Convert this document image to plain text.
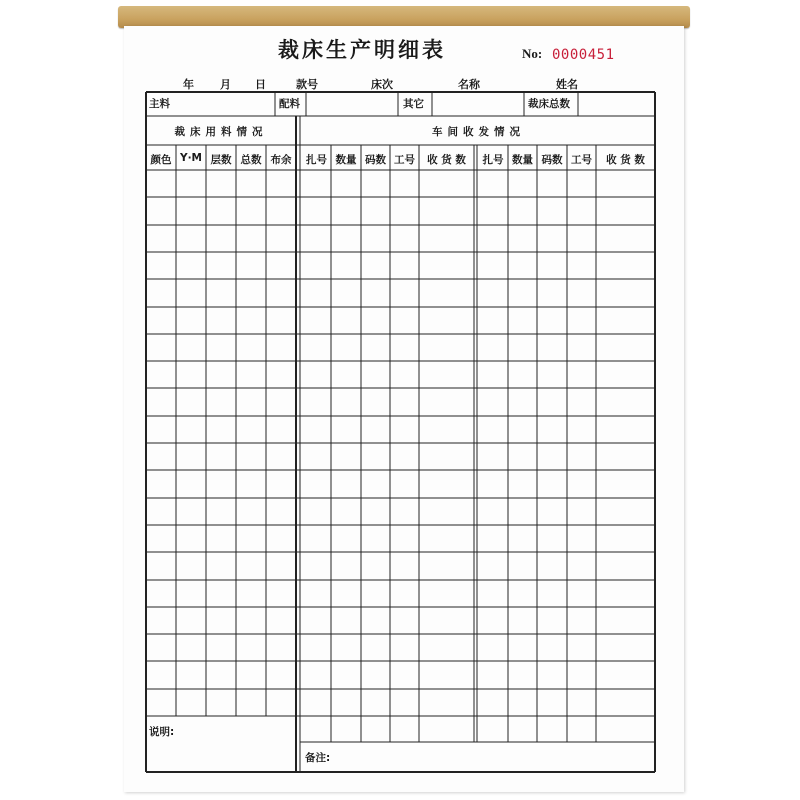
裁床生产明细表	No: 0000451
年 月 日	款号	床次	名称	姓名
主料	配料	其它	裁床总数
裁床用料情况	车间收发情况
颜色 Y·M 层数 总数 布余	扎号 数量 码数 工号	收 货 数	扎号 数量 码数 工号	收 货 数
说明:
备注:
